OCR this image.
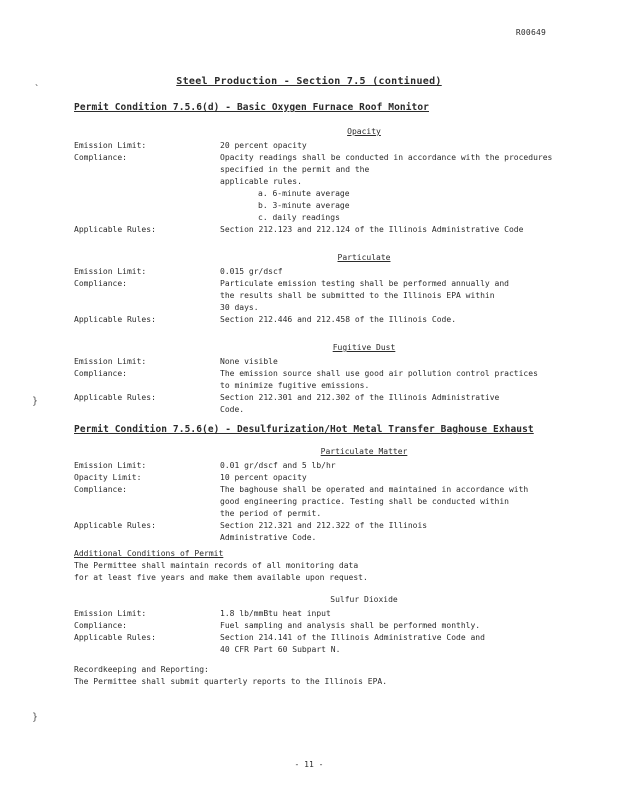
R00649
`
}
}
Steel Production - Section 7.5 (continued)
Permit Condition 7.5.6(d) - Basic Oxygen Furnace Roof Monitor
Opacity
Emission Limit:	20 percent opacity
Compliance:	Opacity readings shall be conducted in accordance with the procedures specified in the permit and the
applicable rules.
a. 6-minute average
b. 3-minute average
c. daily readings
Applicable Rules:	Section 212.123 and 212.124 of the Illinois Administrative Code
Particulate
Emission Limit:	0.015 gr/dscf
Compliance:	Particulate emission testing shall be performed annually and
the results shall be submitted to the Illinois EPA within
30 days.
Applicable Rules:	Section 212.446 and 212.458 of the Illinois Code.
Fugitive Dust
Emission Limit:	None visible
Compliance:	The emission source shall use good air pollution control practices
to minimize fugitive emissions.
Applicable Rules:	Section 212.301 and 212.302 of the Illinois Administrative
Code.
Permit Condition 7.5.6(e) - Desulfurization/Hot Metal Transfer Baghouse Exhaust
Particulate Matter
Emission Limit:	0.01 gr/dscf and 5 lb/hr
Opacity Limit:	10 percent opacity
Compliance:	The baghouse shall be operated and maintained in accordance with
good engineering practice. Testing shall be conducted within
the period of permit.
Applicable Rules:	Section 212.321 and 212.322 of the Illinois
Administrative Code.
Additional Conditions of Permit
The Permittee shall maintain records of all monitoring data
for at least five years and make them available upon request.
Sulfur Dioxide
Emission Limit:	1.8 lb/mmBtu heat input
Compliance:	Fuel sampling and analysis shall be performed monthly.
Applicable Rules:	Section 214.141 of the Illinois Administrative Code and
40 CFR Part 60 Subpart N.
Recordkeeping and Reporting:
The Permittee shall submit quarterly reports to the Illinois EPA.
- 11 -
